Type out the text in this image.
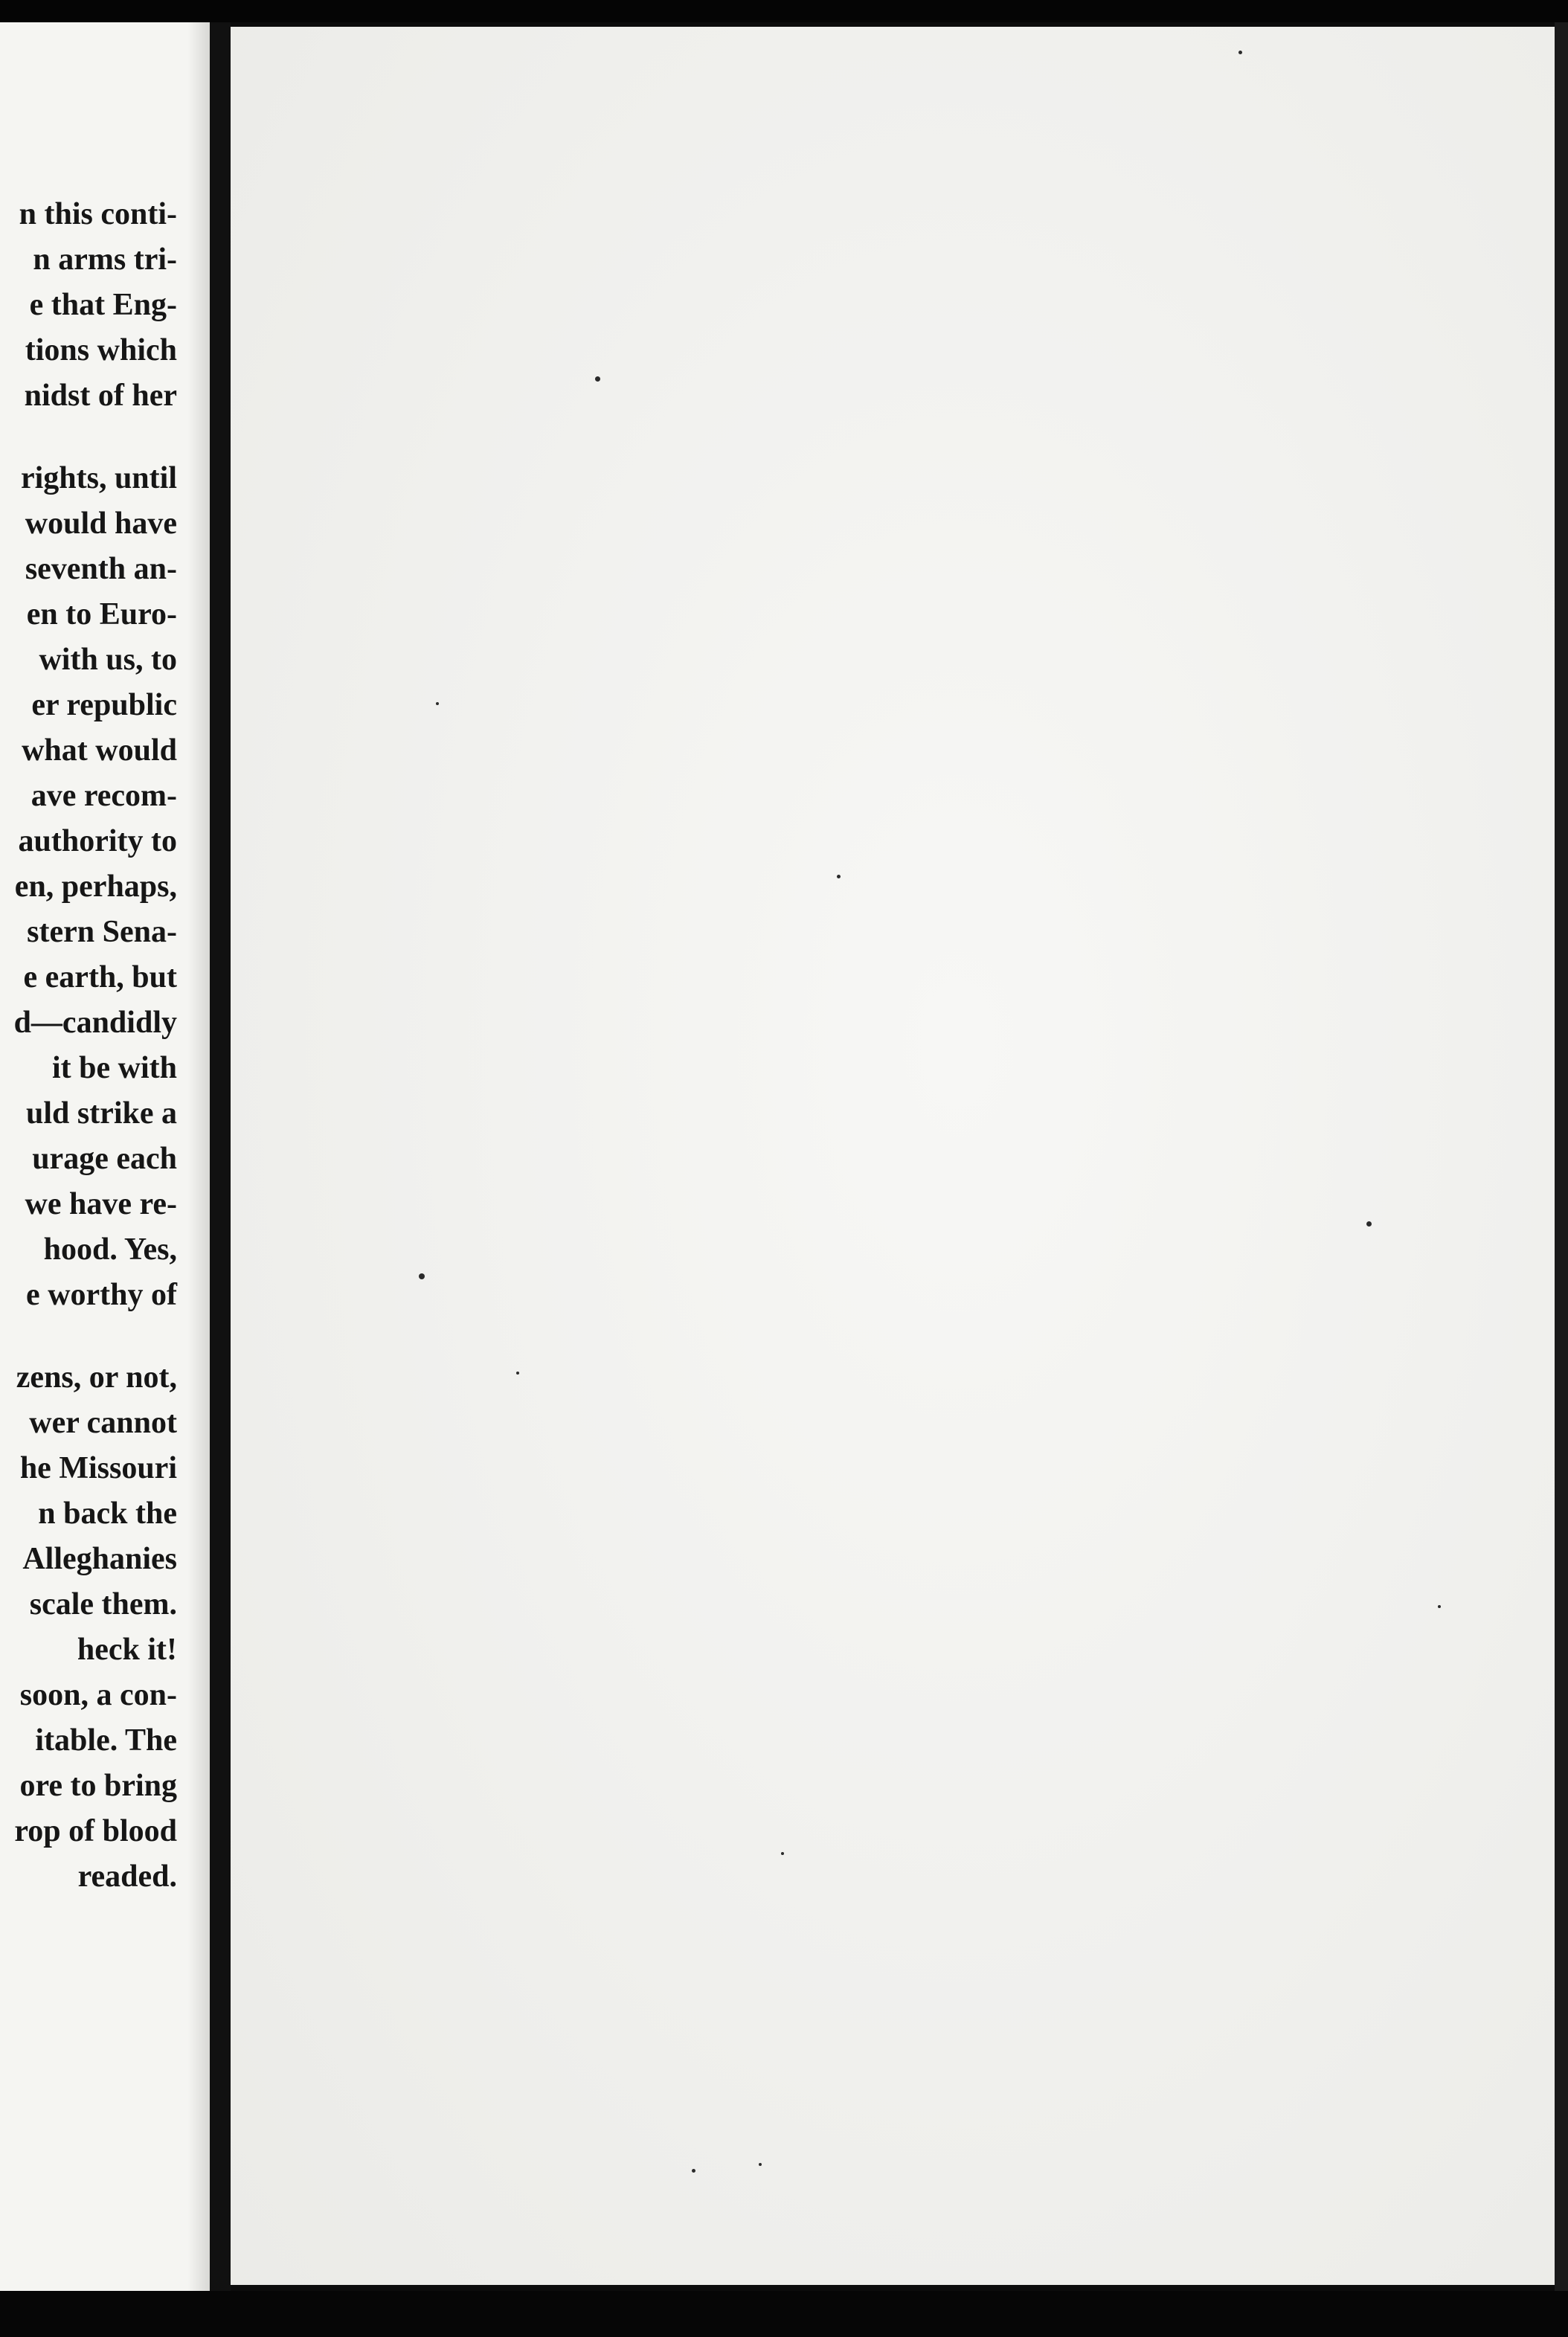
n this conti-
n arms tri-
e that Eng-
tions which
nidst of her
rights, until
would have
seventh an-
en to Euro-
with us, to
er republic
what would
ave recom-
authority to
en, perhaps,
stern Sena-
e earth, but
d—candidly
it be with
uld strike a
urage each
we have re-
hood. Yes,
e worthy of
zens, or not,
wer cannot
he Missouri
n back the
Alleghanies
scale them.
heck it!
soon, a con-
itable. The
ore to bring
rop of blood
readed.
